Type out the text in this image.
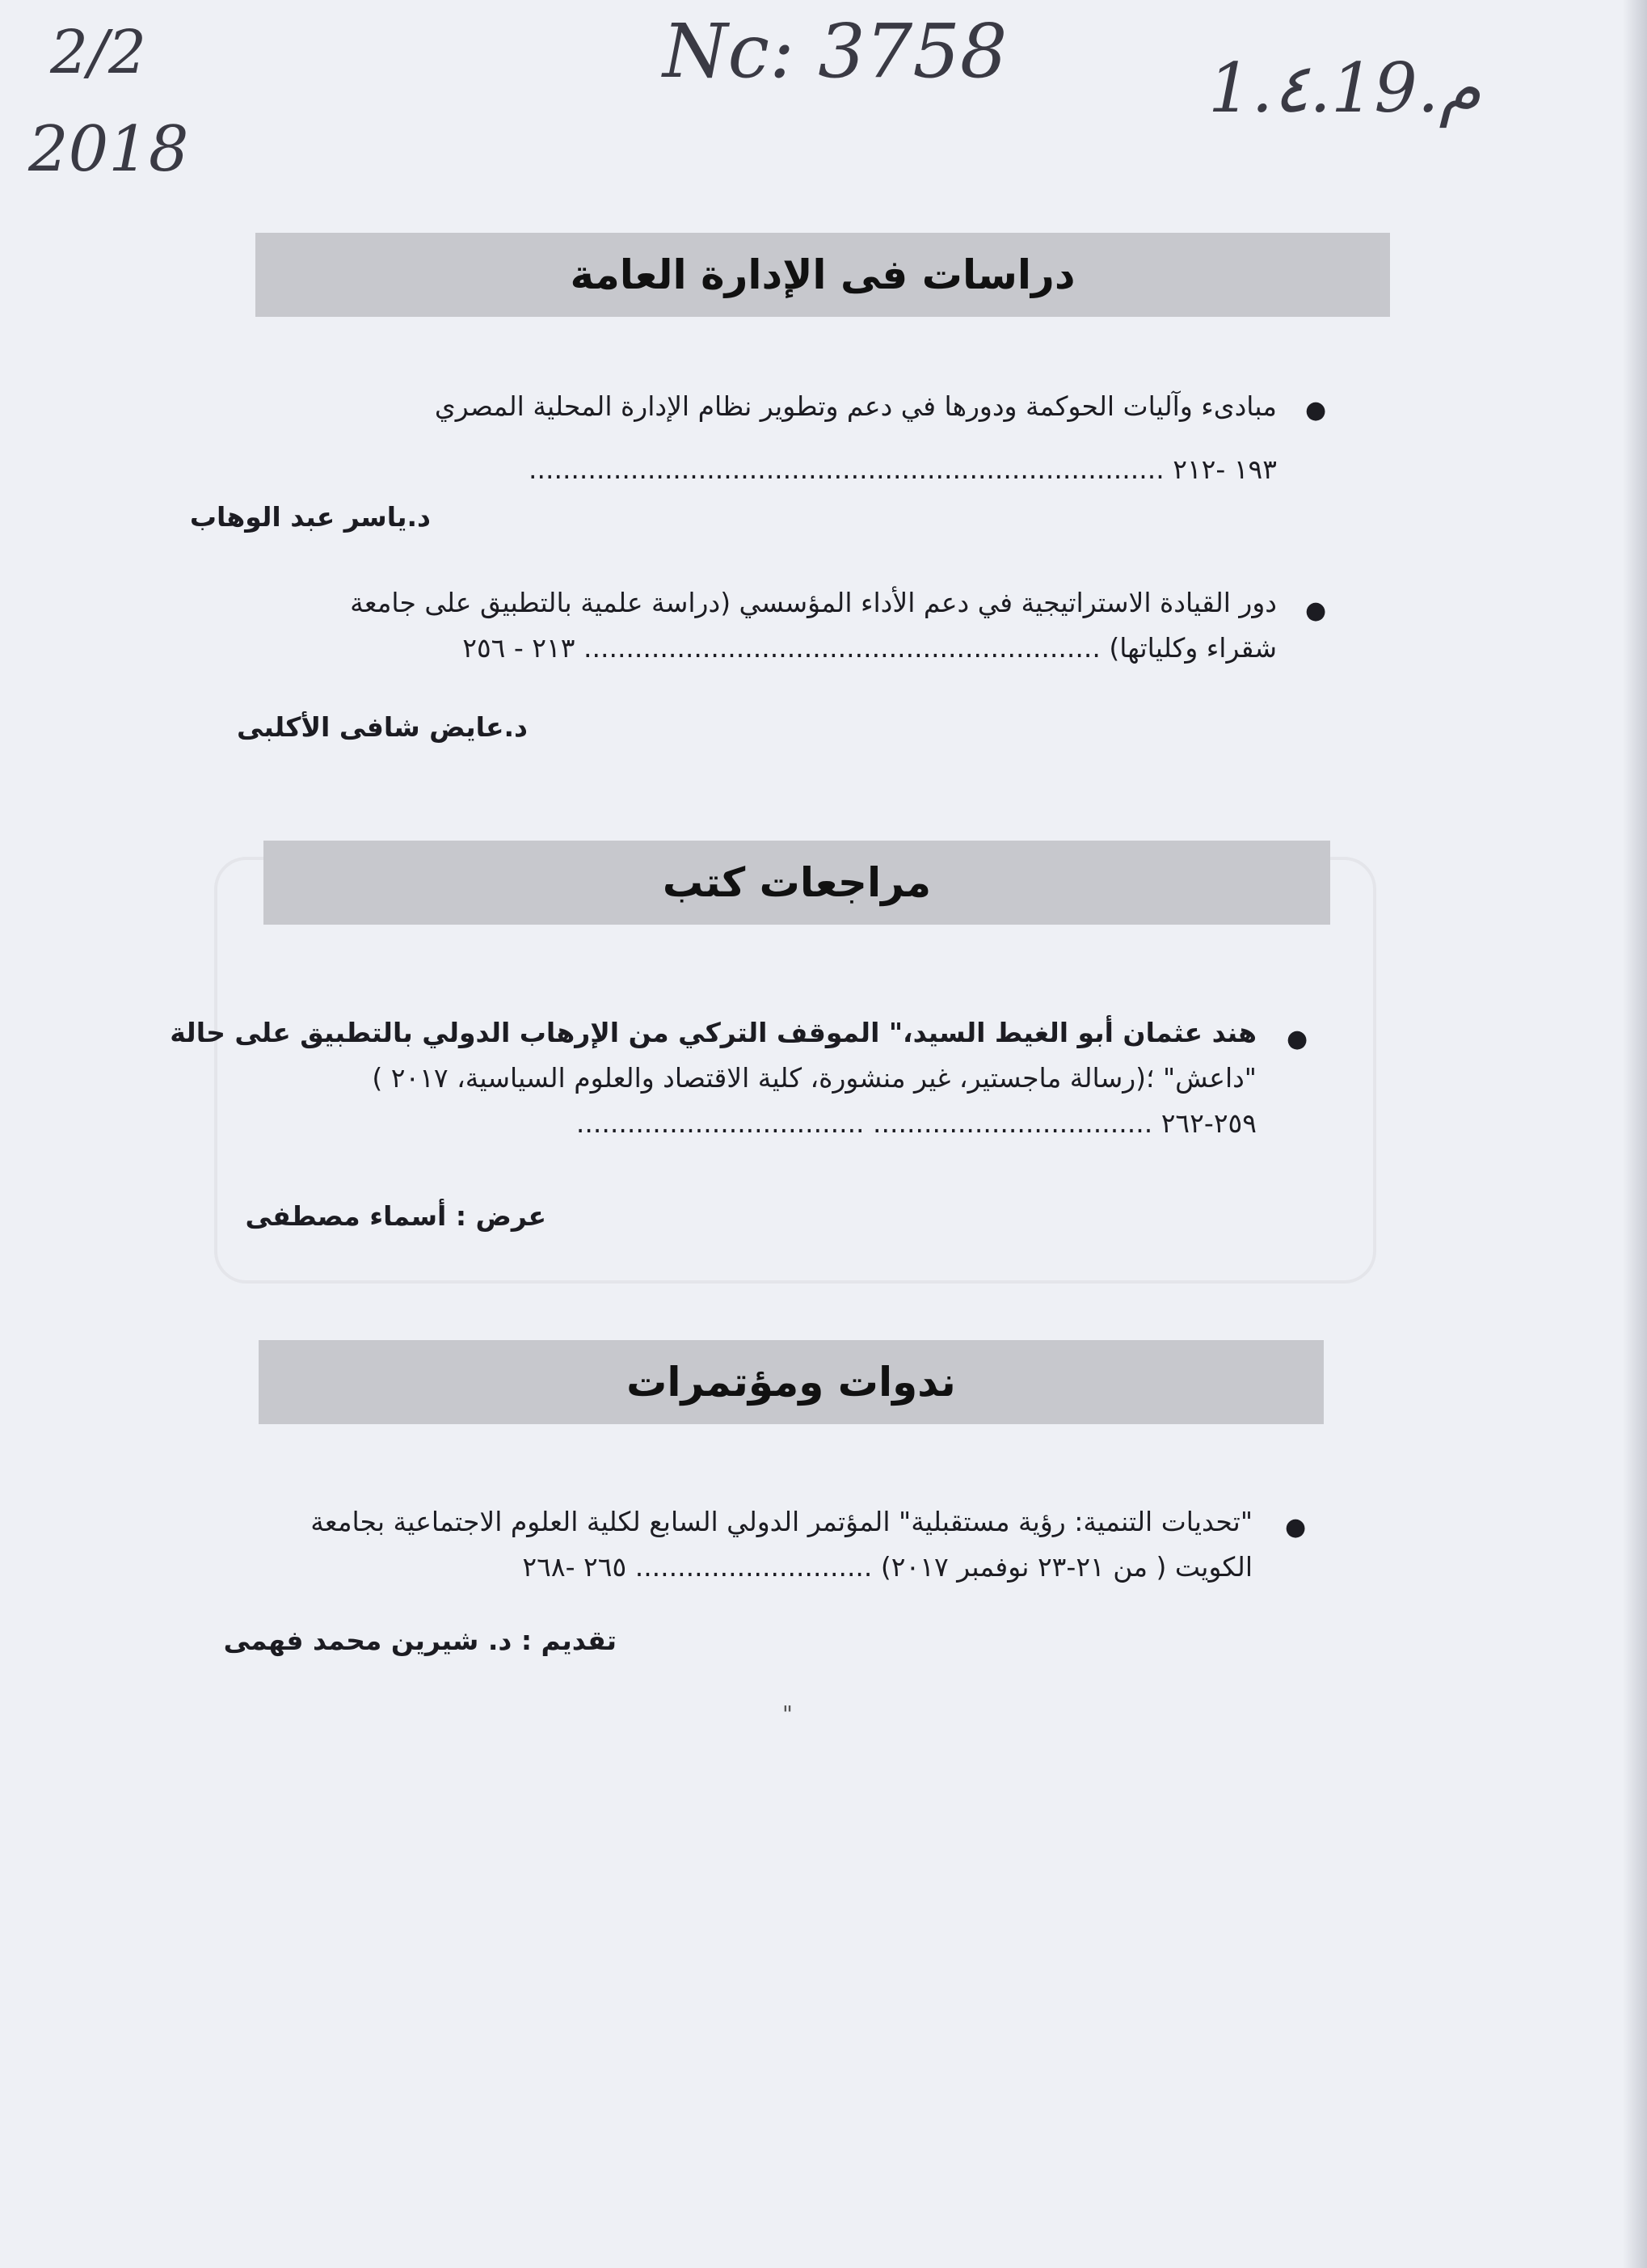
2/2
2018
Nc: 3758	1.٤.19.م
دراسات فى الإدارة العامة
●
مبادىء وآليات الحوكمة ودورها في دعم وتطوير نظام الإدارة المحلية المصري
١٩٣ -٢١٢ ...........................................................................
د.ياسر عبد الوهاب
●
دور القيادة الاستراتيجية في دعم الأداء المؤسسي (دراسة علمية بالتطبيق على جامعة
شقراء وكلياتها) ............................................................. ٢١٣ - ٢٥٦
د.عايض شافى الأكلبى
مراجعات كتب
●
هند عثمان أبو الغيط السيد،" الموقف التركي من الإرهاب الدولي بالتطبيق على حالة
"داعش" ؛(رسالة ماجستير، غير منشورة، كلية الاقتصاد والعلوم السياسية، ٢٠١٧ )
٢٥٩-٢٦٢ ................................. ..................................
عرض : أسماء مصطفى
ندوات ومؤتمرات
●
"تحديات التنمية: رؤية مستقبلية" المؤتمر الدولي السابع لكلية العلوم الاجتماعية بجامعة
الكويت ( من ٢١-٢٣ نوفمبر ٢٠١٧) ............................ ٢٦٥ -٢٦٨
تقديم : د. شيرين محمد فهمى
"
